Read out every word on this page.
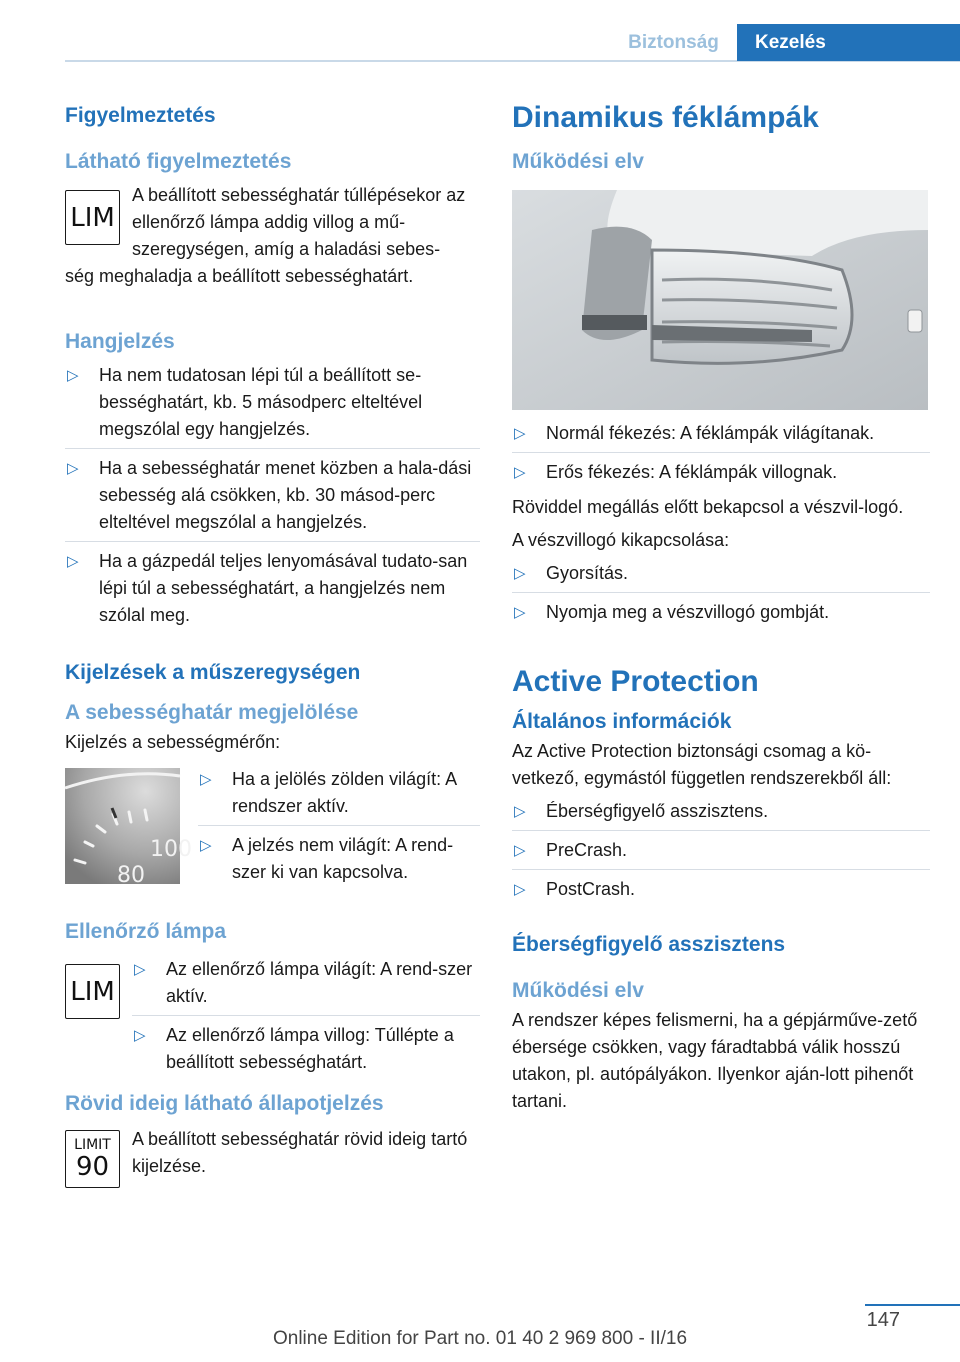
Biztonság	Kezelés
Figyelmeztetés
Látható figyelmeztetés
LIM

A beállított sebességhatár túllépésekor az ellenőrző lámpa addig villog a mű-szeregységen, amíg a haladási sebes-

ség meghaladja a beállított sebességhatárt.

Hangjelzés
▷ Ha nem tudatosan lépi túl a beállított se-bességhatárt, kb. 5 másodperc elteltével megszólal egy hangjelzés.
▷ Ha a sebességhatár menet közben a hala-dási sebesség alá csökken, kb. 30 másod-perc elteltével megszólal a hangjelzés.
▷ Ha a gázpedál teljes lenyomásával tudato-san lépi túl a sebességhatárt, a hangjelzés nem szólal meg.
Kijelzések a műszeregységen
A sebességhatár megjelölése

Kijelzés a sebességmérőn:

100
80
▷ Ha a jelölés zölden világít: A rendszer aktív.
▷ A jelzés nem világít: A rend-szer ki van kapcsolva.
Ellenőrző lámpa
LIM
▷ Az ellenőrző lámpa világít: A rend-szer aktív.
▷ Az ellenőrző lámpa villog: Túllépte a beállított sebességhatárt.
Rövid ideig látható állapotjelzés
LIMIT
90

A beállított sebességhatár rövid ideig tartó kijelzése.

Dinamikus féklámpák
Működési elv
▷ Normál fékezés: A féklámpák világítanak.
▷ Erős fékezés: A féklámpák villognak.

Röviddel megállás előtt bekapcsol a vészvil-logó.

A vészvillogó kikapcsolása:

▷ Gyorsítás.
▷ Nyomja meg a vészvillogó gombját.
Active Protection
Általános információk

Az Active Protection biztonsági csomag a kö-vetkező, egymástól független rendszerekből áll:

▷ Éberségfigyelő asszisztens.
▷ PreCrash.
▷ PostCrash.
Éberségfigyelő asszisztens
Működési elv

A rendszer képes felismerni, ha a gépjárműve-zető ébersége csökken, vagy fáradtabbá válik hosszú utakon, pl. autópályákon. Ilyenkor aján-lott pihenőt tartani.

147
Online Edition for Part no. 01 40 2 969 800 - II/16
